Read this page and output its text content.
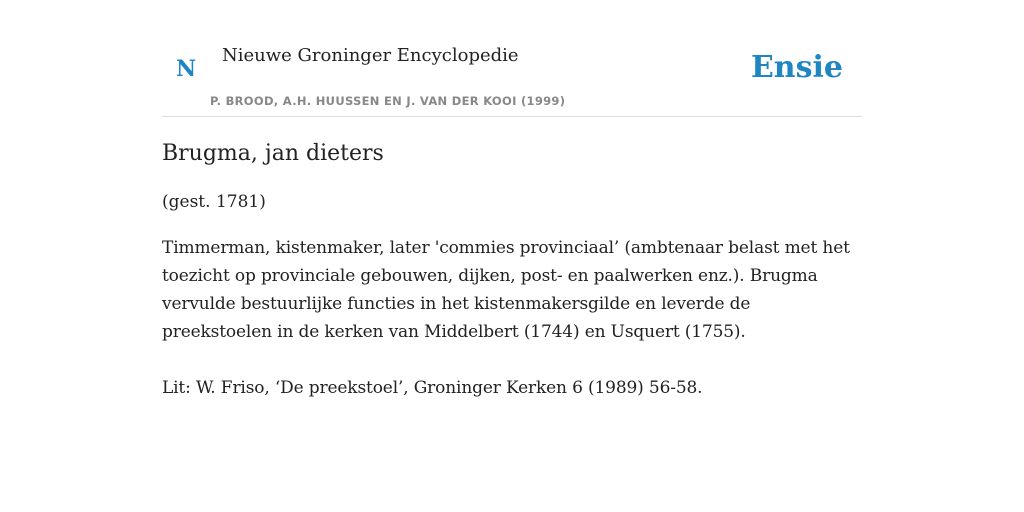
N
Nieuwe Groninger Encyclopedie
P. BROOD, A.H. HUUSSEN EN J. VAN DER KOOI (1999)
Ensie
Brugma, jan dieters

(gest. 1781)

Timmerman, kistenmaker, later 'commies provinciaal’ (ambtenaar belast met het toezicht op provinciale gebouwen, dijken, post- en paalwerken enz.). Brugma vervulde bestuurlijke functies in het kistenmakersgilde en leverde de preekstoelen in de kerken van Middelbert (1744) en Usquert (1755).

Lit: W. Friso, ‘De preekstoel’, Groninger Kerken 6 (1989) 56-58.
